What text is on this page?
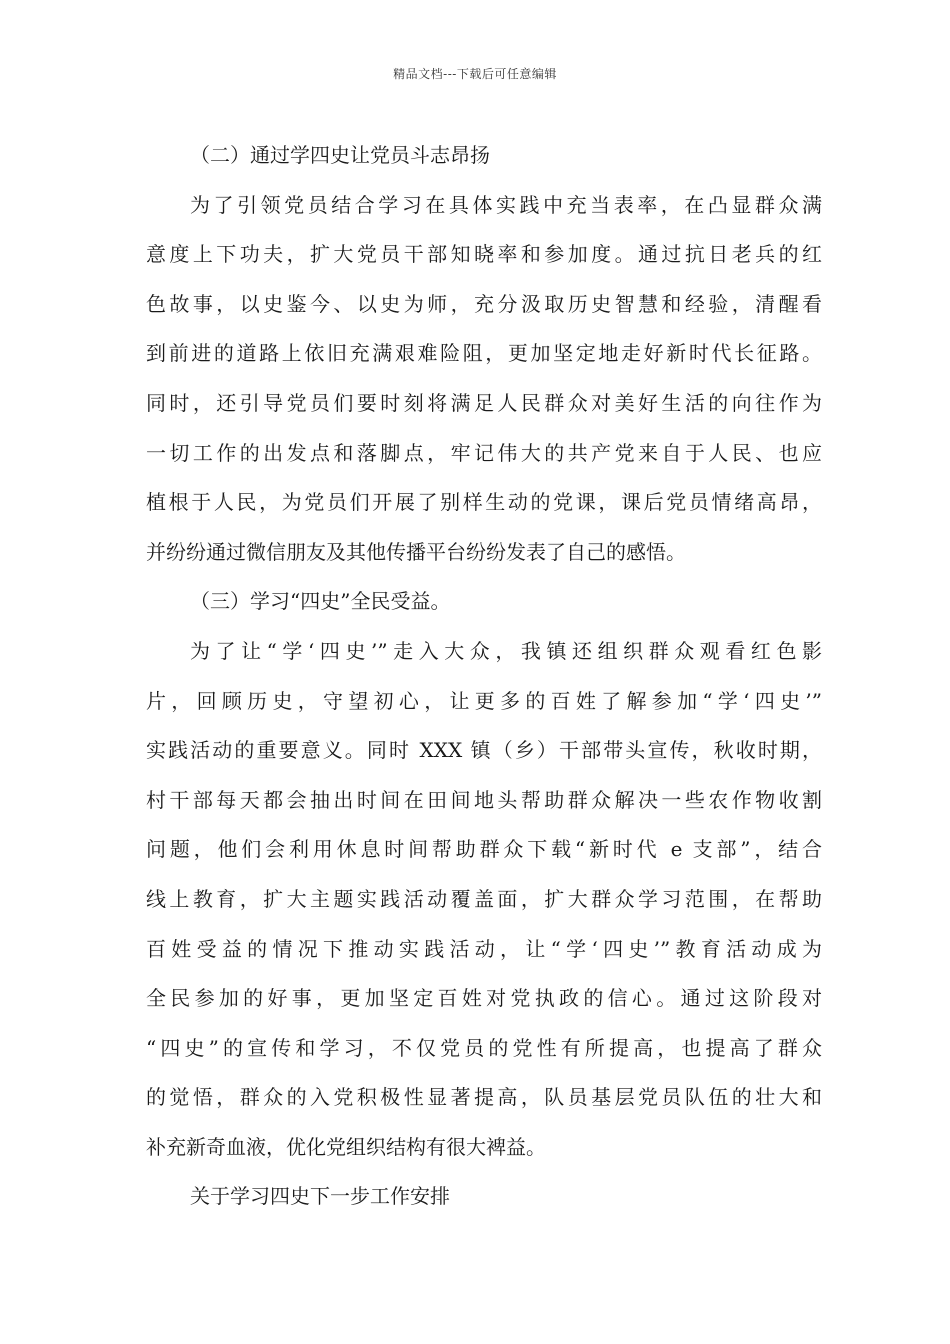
精品文档---下载后可任意编辑
（二）通过学四史让党员斗志昂扬
为了引领党员结合学习在具体实践中充当表率，在凸显群众满
意度上下功夫，扩大党员干部知晓率和参加度。通过抗日老兵的红
色故事，以史鉴今、以史为师，充分汲取历史智慧和经验，清醒看
到前进的道路上依旧充满艰难险阻，更加坚定地走好新时代长征路。
同时，还引导党员们要时刻将满足人民群众对美好生活的向往作为
一切工作的出发点和落脚点，牢记伟大的共产党来自于人民、也应
植根于人民，为党员们开展了别样生动的党课，课后党员情绪高昂，
并纷纷通过微信朋友及其他传播平台纷纷发表了自己的感悟。
（三）学习“四史”全民受益。
为了让“学‘四史’”走入大众，我镇还组织群众观看红色影
片，回顾历史，守望初心，让更多的百姓了解参加“学‘四史’”
实践活动的重要意义。同时 XXX 镇（乡）干部带头宣传，秋收时期，
村干部每天都会抽出时间在田间地头帮助群众解决一些农作物收割
问题，他们会利用休息时间帮助群众下载“新时代 e 支部”，结合
线上教育，扩大主题实践活动覆盖面，扩大群众学习范围，在帮助
百姓受益的情况下推动实践活动，让“学‘四史’”教育活动成为
全民参加的好事，更加坚定百姓对党执政的信心。通过这阶段对
“四史”的宣传和学习，不仅党员的党性有所提高，也提高了群众
的觉悟，群众的入党积极性显著提高，队员基层党员队伍的壮大和
补充新奇血液，优化党组织结构有很大裨益。
关于学习四史下一步工作安排
